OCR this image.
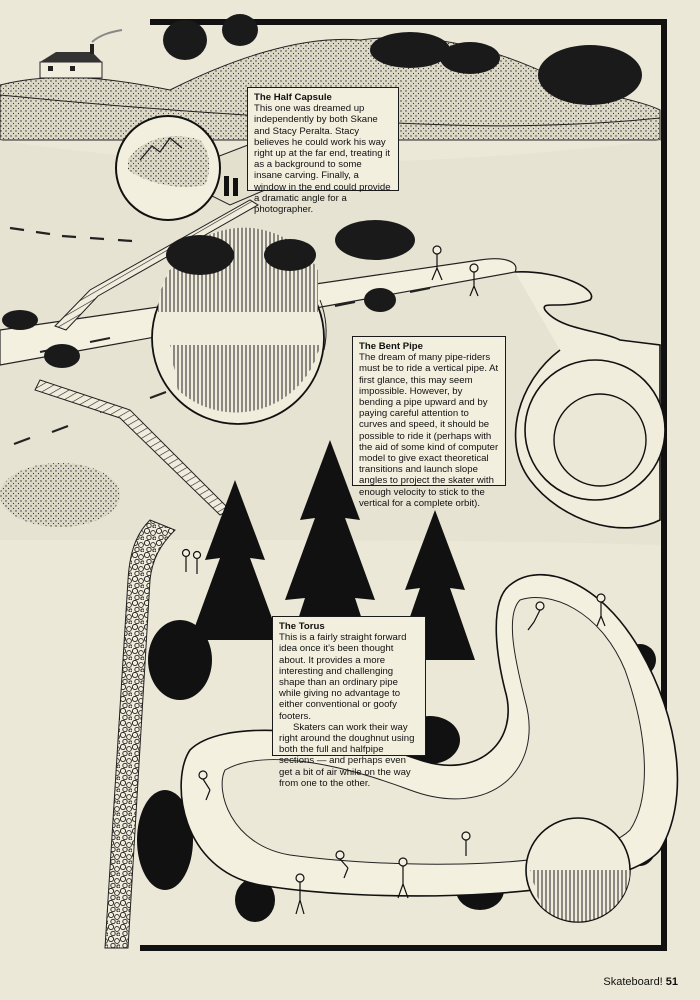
The Half Capsule

This one was dreamed up independently by both Skane and Stacy Peralta. Stacy believes he could work his way right up at the far end, treating it as a background to some insane carving. Finally, a window in the end could provide a dramatic angle for a photographer.

The Bent Pipe

The dream of many pipe-riders must be to ride a vertical pipe. At first glance, this may seem impossible. However, by bending a pipe upward and by paying careful attention to curves and speed, it should be possible to ride it (perhaps with the aid of some kind of computer model to give exact theoretical transitions and launch slope angles to project the skater with enough velocity to stick to the vertical for a complete orbit).

The Torus

This is a fairly straight forward idea once it's been thought about. It provides a more interesting and challenging shape than an ordinary pipe while giving no advantage to either conventional or goofy footers.

Skaters can work their way right around the doughnut using both the full and halfpipe sections — and perhaps even get a bit of air while on the way from one to the other.

Skateboard! 51
